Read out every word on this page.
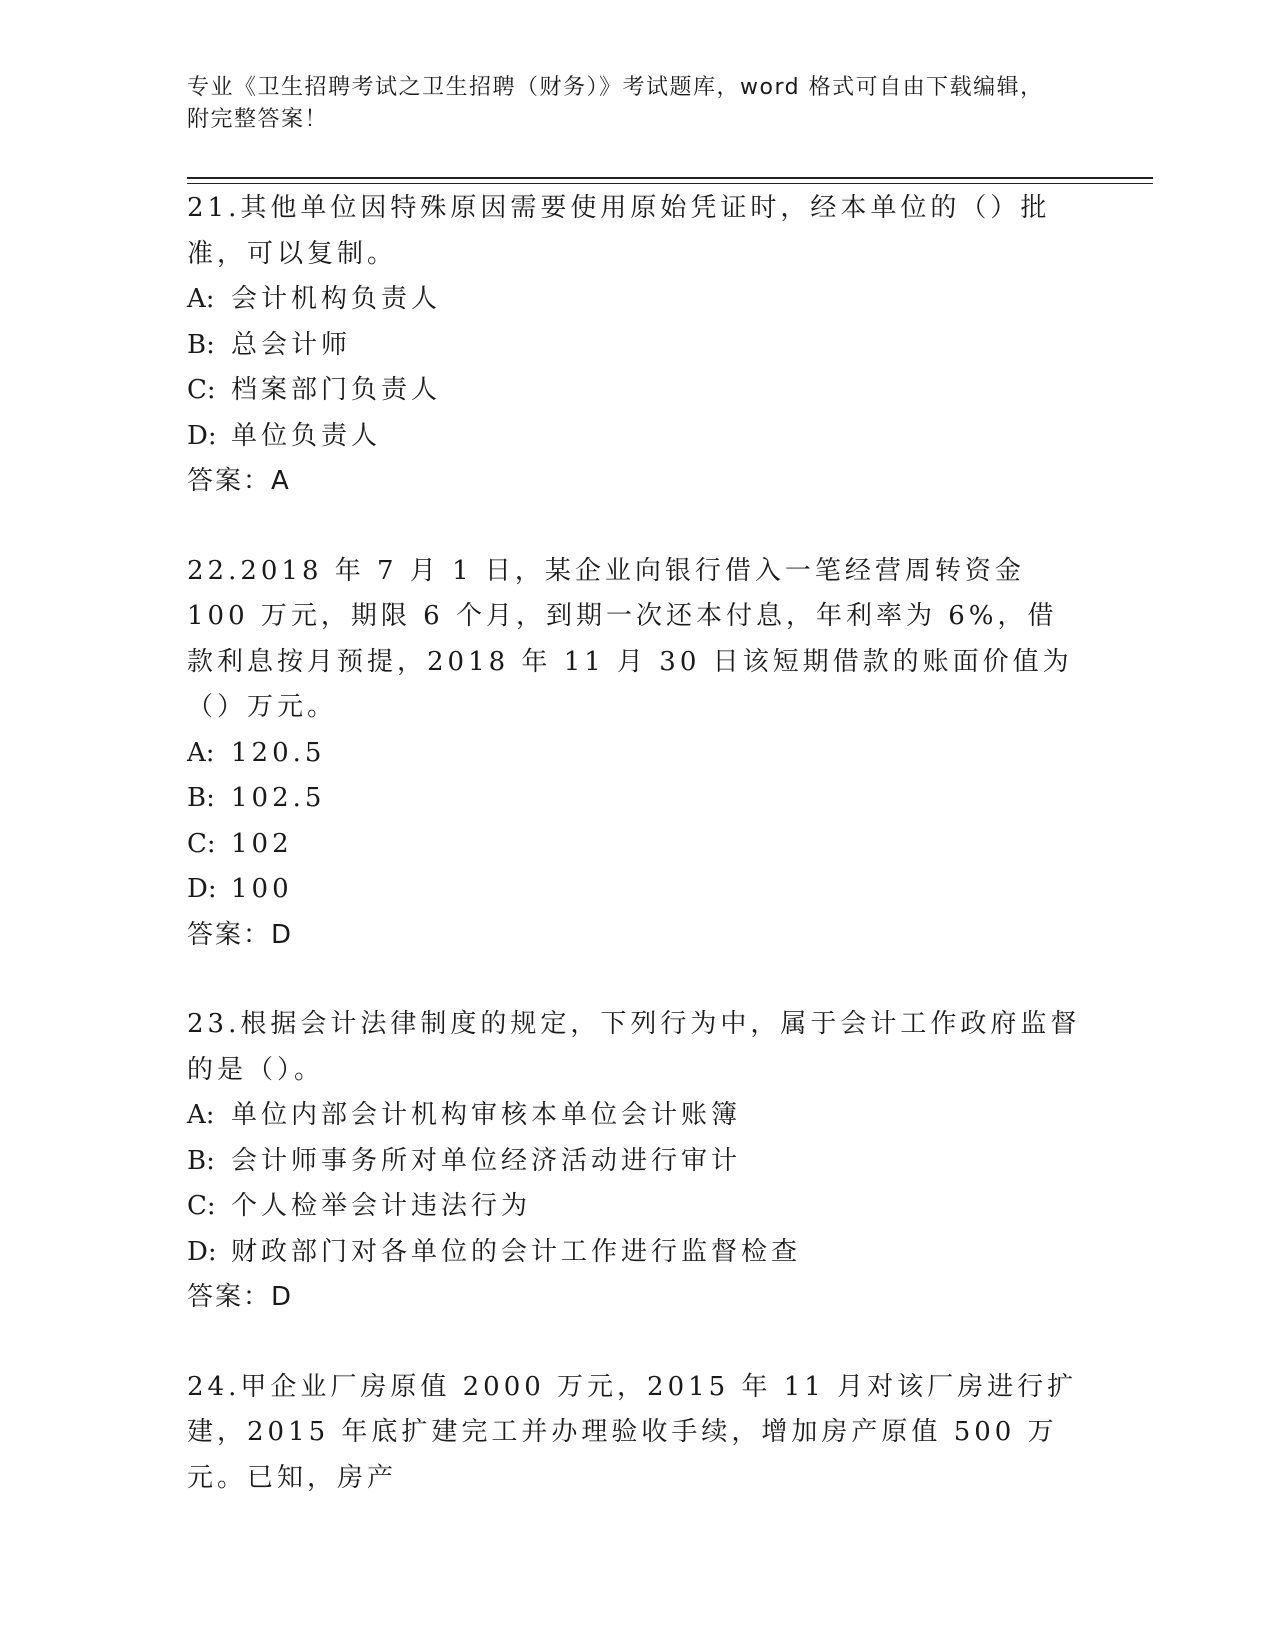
专业《卫生招聘考试之卫生招聘（财务）》考试题库，word 格式可自由下载编辑，附完整答案！

21.其他单位因特殊原因需要使用原始凭证时，经本单位的（）批准，可以复制。

A: 会计机构负责人

B: 总会计师

C: 档案部门负责人

D: 单位负责人

答案：A

22.2018 年 7 月 1 日，某企业向银行借入一笔经营周转资金 100 万元，期限 6 个月，到期一次还本付息，年利率为 6%，借款利息按月预提，2018 年 11 月 30 日该短期借款的账面价值为（）万元。

A: 120.5

B: 102.5

C: 102

D: 100

答案：D

23.根据会计法律制度的规定，下列行为中，属于会计工作政府监督的是（）。

A: 单位内部会计机构审核本单位会计账簿

B: 会计师事务所对单位经济活动进行审计

C: 个人检举会计违法行为

D: 财政部门对各单位的会计工作进行监督检查

答案：D

24.甲企业厂房原值 2000 万元，2015 年 11 月对该厂房进行扩建，2015 年底扩建完工并办理验收手续，增加房产原值 500 万元。已知，房产
